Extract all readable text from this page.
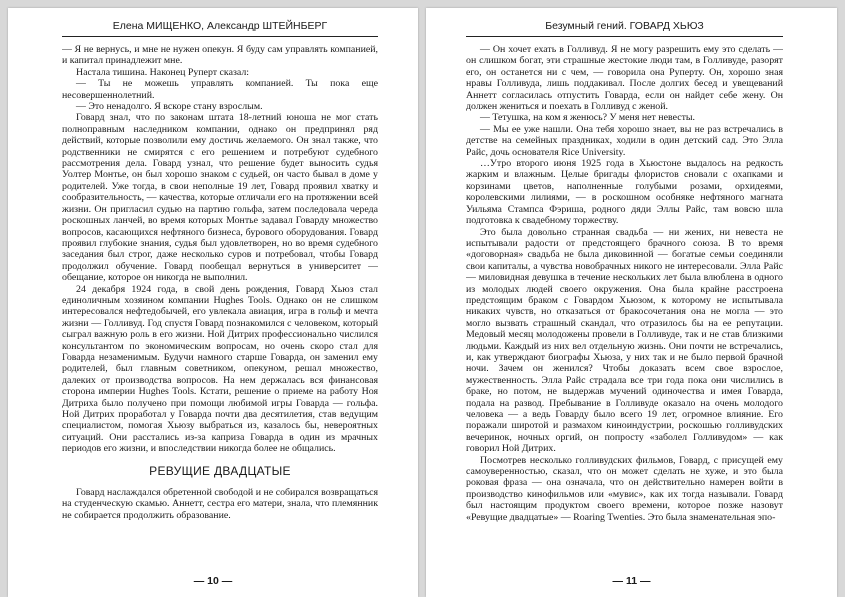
Елена МИЩЕНКО, Александр ШТЕЙНБЕРГ

— Я не вернусь, и мне не нужен опекун. Я буду сам управлять компанией, и капитал принадлежит мне.

Настала тишина. Наконец Руперт сказал:

— Ты не можешь управлять компанией. Ты пока еще несовершеннолетний.

— Это ненадолго. Я вскоре стану взрослым.

Говард знал, что по законам штата 18-летний юноша не мог стать полноправным наследником компании, однако он предпринял ряд действий, которые позволили ему достичь желаемого. Он знал также, что родственники не смирятся с его решением и потребуют судебного рассмотрения дела. Говард узнал, что решение будет выносить судья Уолтер Монтье, он был хорошо знаком с судьей, он часто бывал в доме у родителей. Уже тогда, в свои неполные 19 лет, Говард проявил хватку и сообразительность, — качества, которые отличали его на протяжении всей жизни. Он пригласил судью на партию гольфа, затем последовала череда роскошных ланчей, во время которых Монтье задавал Говарду множество вопросов, касающихся нефтяного бизнеса, бурового оборудования. Говард проявил глубокие знания, судья был удовлетворен, но во время судебного заседания был строг, даже несколько суров и потребовал, чтобы Говард продолжил обучение. Говард пообещал вернуться в университет — обещание, которое он никогда не выполнил.

24 декабря 1924 года, в свой день рождения, Говард Хьюз стал единоличным хозяином компании Hughes Tools. Однако он не слишком интересовался нефтедобычей, его увлекала авиация, игра в гольф и мечта жизни — Голливуд. Год спустя Говард познакомился с человеком, который сыграл важную роль в его жизни. Ной Дитрих профессионально числился консультантом по экономическим вопросам, но очень скоро стал для Говарда незаменимым. Будучи намного старше Говарда, он заменил ему родителей, был главным советником, опекуном, решал множество, далеких от производства вопросов. На нем держалась вся финансовая сторона империи Hughes Tools. Кстати, решение о приеме на работу Ноя Дитриха было получено при помощи любимой игры Говарда — гольфа. Ной Дитрих проработал у Говарда почти два десятилетия, став ведущим специалистом, помогая Хьюзу выбраться из, казалось бы, невероятных ситуаций. Они расстались из-за каприза Говарда в один из мрачных периодов его жизни, и впоследствии никогда более не общались.

РЕВУЩИЕ ДВАДЦАТЫЕ

Говард наслаждался обретенной свободой и не собирался возвращаться на студенческую скамью. Аннетт, сестра его матери, знала, что племянник не собирается продолжить образование.

— 10 —
Безумный гений. ГОВАРД ХЬЮЗ

— Он хочет ехать в Голливуд. Я не могу разрешить ему это сделать — он слишком богат, эти страшные жестокие люди там, в Голливуде, разорят его, он останется ни с чем, — говорила она Руперту. Он, хорошо зная нравы Голливуда, лишь поддакивал. После долгих бесед и увещеваний Аннетт согласилась отпустить Говарда, если он найдет себе жену. Он должен жениться и поехать в Голливуд с женой.

— Тетушка, на ком я женюсь? У меня нет невесты.

— Мы ее уже нашли. Она тебя хорошо знает, вы не раз встречались в детстве на семейных праздниках, ходили в один детский сад. Это Элла Райс, дочь основателя Rice University.

…Утро второго июня 1925 года в Хьюстоне выдалось на редкость жарким и влажным. Целые бригады флористов сновали с охапками и корзинами цветов, наполненные голубыми розами, орхидеями, королевскими лилиями, — в роскошном особняке нефтяного магната Уильяма Стампса Фэриша, родного дяди Эллы Райс, там вовсю шла подготовка к свадебному торжеству.

Это была довольно странная свадьба — ни жених, ни невеста не испытывали радости от предстоящего брачного союза. В то время «договорная» свадьба не была диковинной — богатые семьи соединяли свои капиталы, а чувства новобрачных никого не интересовали. Элла Райс — миловидная девушка в течение нескольких лет была влюблена в одного из молодых людей своего окружения. Она была крайне расстроена предстоящим браком с Говардом Хьюзом, к которому не испытывала никаких чувств, но отказаться от бракосочетания она не могла — это могло вызвать страшный скандал, что отразилось бы на ее репутации. Медовый месяц молодожены провели в Голливуде, так и не став близкими людьми. Каждый из них вел отдельную жизнь. Они почти не встречались, и, как утверждают биографы Хьюза, у них так и не было первой брачной ночи. Зачем он женился? Чтобы доказать всем свое взрослое, мужественность. Элла Райс страдала все три года пока они числились в браке, но потом, не выдержав мучений одиночества и имея Говарда, подала на развод. Пребывание в Голливуде оказало на очень молодого человека — а ведь Говарду было всего 19 лет, огромное влияние. Его поражали широтой и размахом киноиндустрии, роскошью голливудских вечеринок, ночных оргий, он попросту «заболел Голливудом» — как говорил Ной Дитрих.

Посмотрев несколько голливудских фильмов, Говард, с присущей ему самоуверенностью, сказал, что он может сделать не хуже, и это была роковая фраза — она означала, что он действительно намерен войти в производство кинофильмов или «мувис», как их тогда называли. Говард был настоящим продуктом своего времени, которое позже назовут «Ревущие двадцатые» — Roaring Twenties. Это была знаменательная эпо-

— 11 —
